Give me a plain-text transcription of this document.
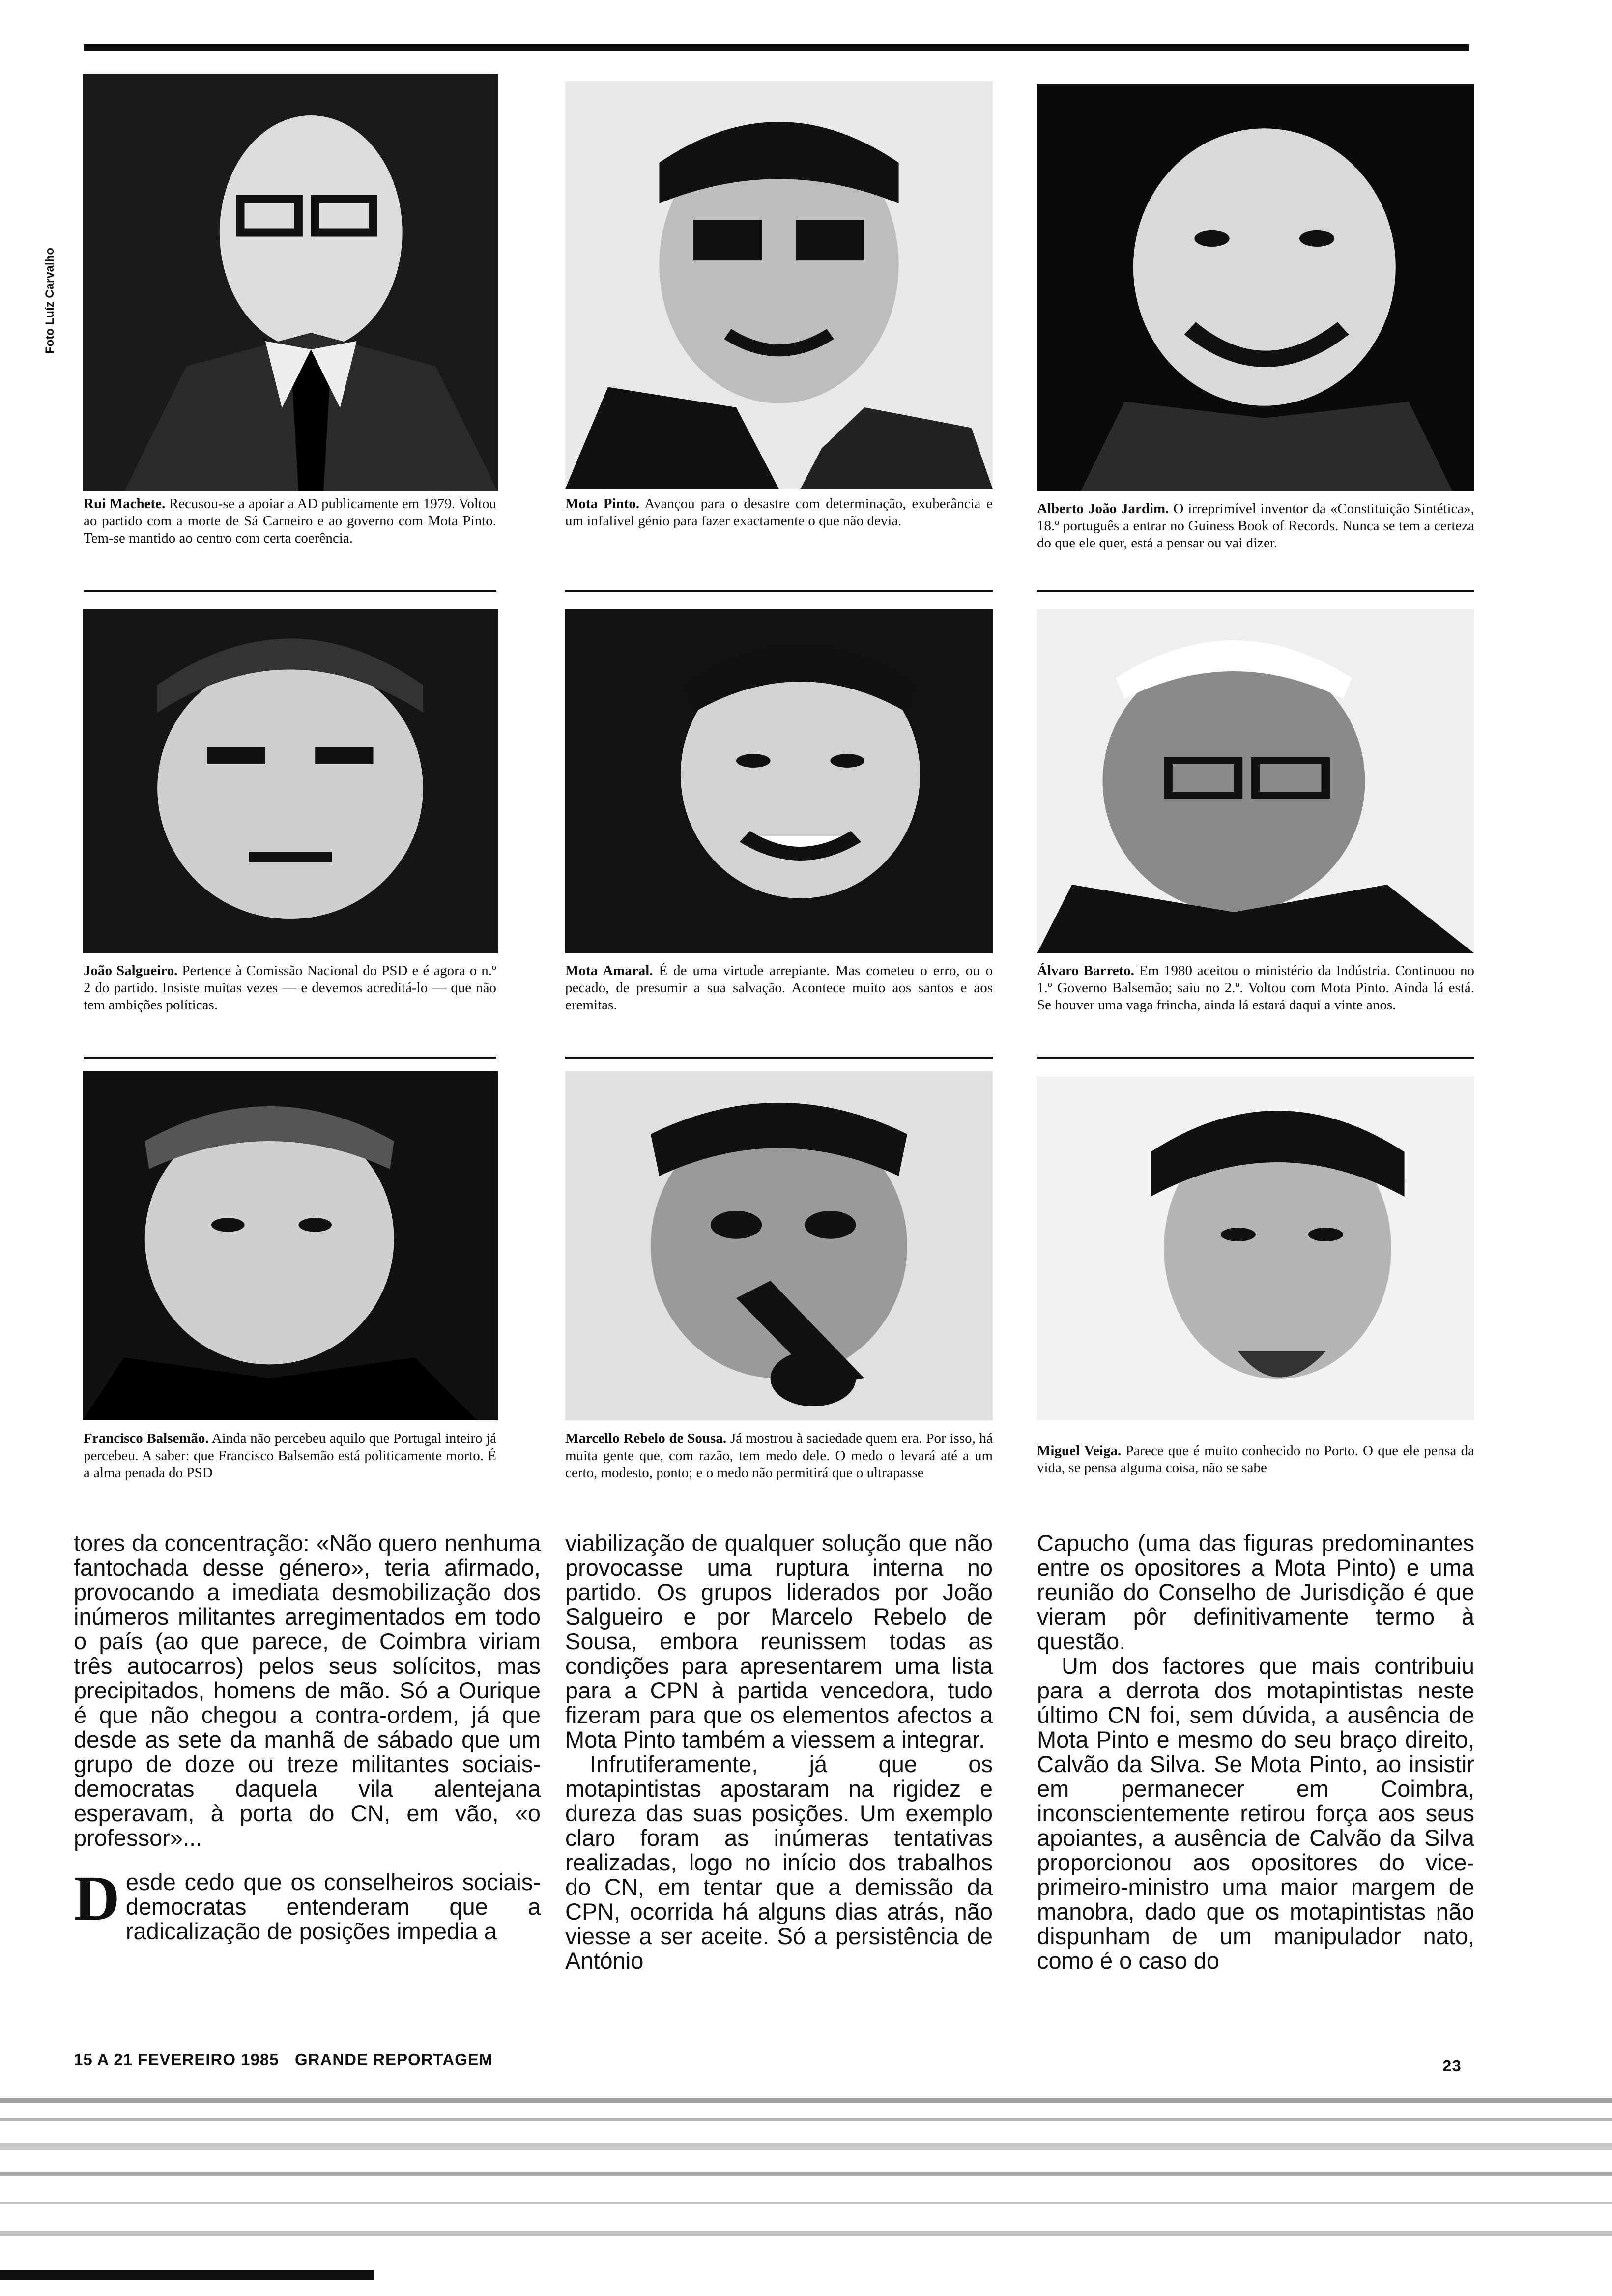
Foto Luíz Carvalho
Rui Machete. Recusou-se a apoiar a AD publicamente em 1979. Voltou ao partido com a morte de Sá Carneiro e ao governo com Mota Pinto. Tem-se mantido ao centro com certa coerência.
Mota Pinto. Avançou para o desastre com determinação, exuberância e um infalível génio para fazer exactamente o que não devia.
Alberto João Jardim. O irreprimível inventor da «Constituição Sintética», 18.º português a entrar no Guiness Book of Records. Nunca se tem a certeza do que ele quer, está a pensar ou vai dizer.
João Salgueiro. Pertence à Comissão Nacional do PSD e é agora o n.º 2 do partido. Insiste muitas vezes — e devemos acreditá-lo — que não tem ambições políticas.
Mota Amaral. É de uma virtude arrepiante. Mas cometeu o erro, ou o pecado, de presumir a sua salvação. Acontece muito aos santos e aos eremitas.
Álvaro Barreto. Em 1980 aceitou o ministério da Indústria. Continuou no 1.º Governo Balsemão; saiu no 2.º. Voltou com Mota Pinto. Ainda lá está. Se houver uma vaga frincha, ainda lá estará daqui a vinte anos.
Francisco Balsemão. Ainda não percebeu aquilo que Portugal inteiro já percebeu. A saber: que Francisco Balsemão está politicamente morto. É a alma penada do PSD
Marcello Rebelo de Sousa. Já mostrou à saciedade quem era. Por isso, há muita gente que, com razão, tem medo dele. O medo o levará até a um certo, modesto, ponto; e o medo não permitirá que o ultrapasse
Miguel Veiga. Parece que é muito conhecido no Porto. O que ele pensa da vida, se pensa alguma coisa, não se sabe

tores da concentração: «Não quero nenhuma fantochada desse género», teria afirmado, provocando a imediata desmobilização dos inúmeros militantes arregimentados em todo o país (ao que parece, de Coimbra viriam três autocarros) pelos seus solícitos, mas precipitados, homens de mão. Só a Ourique é que não chegou a contra-ordem, já que desde as sete da manhã de sábado que um grupo de doze ou treze militantes sociais-democratas daquela vila alentejana esperavam, à porta do CN, em vão, «o professor»...

Desde cedo que os conselheiros sociais-democratas entenderam que a radicalização de posições impedia a

viabilização de qualquer solução que não provocasse uma ruptura interna no partido. Os grupos liderados por João Salgueiro e por Marcelo Rebelo de Sousa, embora reunissem todas as condições para apresentarem uma lista para a CPN à partida vencedora, tudo fizeram para que os elementos afectos a Mota Pinto também a viessem a integrar.

Infrutiferamente, já que os motapintistas apostaram na rigidez e dureza das suas posições. Um exemplo claro foram as inúmeras tentativas realizadas, logo no início dos trabalhos do CN, em tentar que a demissão da CPN, ocorrida há alguns dias atrás, não viesse a ser aceite. Só a persistência de António

Capucho (uma das figuras predominantes entre os opositores a Mota Pinto) e uma reunião do Conselho de Jurisdição é que vieram pôr definitivamente termo à questão.

Um dos factores que mais contribuiu para a derrota dos motapintistas neste último CN foi, sem dúvida, a ausência de Mota Pinto e mesmo do seu braço direito, Calvão da Silva. Se Mota Pinto, ao insistir em permanecer em Coimbra, inconscientemente retirou força aos seus apoiantes, a ausência de Calvão da Silva proporcionou aos opositores do vice-primeiro-ministro uma maior margem de manobra, dado que os motapintistas não dispunham de um manipulador nato, como é o caso do

15 A 21 FEVEREIRO 1985 GRANDE REPORTAGEM	23
